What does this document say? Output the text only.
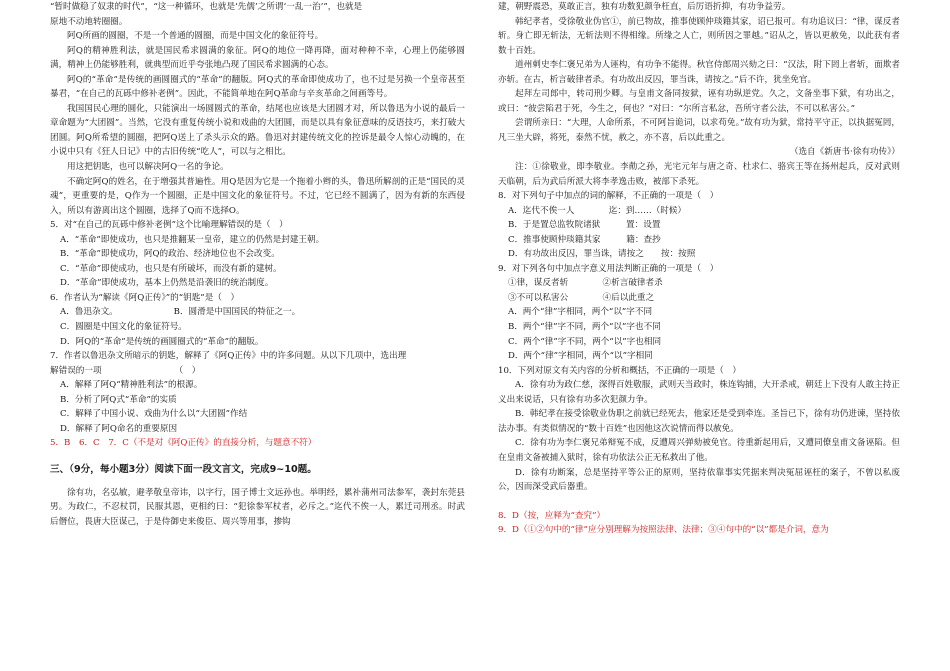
“暂时做稳了奴隶的时代”，“这一种循环，也就是‘先儒’之所谓‘一乱一治’”，也就是

原地不动地转圈圈。

阿Q所画的圆圈，不是一个普通的圆圈，而是中国文化的象征符号。

阿Q的精神胜利法，就是国民希求圆满的象征。阿Q的地位一降再降，面对种种不幸，心理上仍能够圆满，精神上仍能够胜利，就典型而近乎夸张地凸现了国民希求圆满的心态。

阿Q的“革命”是传统的画圆圈式的“革命”的翻版。阿Q式的革命即使成功了，也不过是另换一个皇帝甚至暴君，“在自己的瓦砾中修补老例”。因此，不能简单地在阿Q革命与辛亥革命之间画等号。

我国国民心理的圆化，只能演出一场圆圆式的革命，结尾也应该是大团圆才对，所以鲁迅为小说的最后一章命题为“大团圆”。当然，它没有重复传统小说和戏曲的大团圆，而是以具有象征意味的反语技巧，来打破大团圆。阿Q所希望的圆圈，把阿Q送上了杀头示众的路。鲁迅对封建传统文化的控诉是最令人惊心动魄的，在小说中只有《狂人日记》中的古旧传统“吃人”，可以与之相比。

用这把钥匙，也可以解决阿Q一名的争论。

不确定阿Q的姓名，在于增强其普遍性。用Q是因为它是一个拖着小辫的头，鲁迅所解剖的正是“国民的灵魂”，更重要的是，Q作为一个圆圈，正是中国文化的象征符号。不过，它已经不圆满了，因为有新的东西侵入，所以有游离出这个圆圈，选择了Q而不选择O。

5．对“在自己的瓦砾中修补老例”这个比喻理解错误的是（　）

A．“革命”即使成功，也只是推翻某一皇帝，建立的仍然是封建王朝。

B．“革命”即使成功，阿Q的政治、经济地位也不会改变。

C．“革命”即使成功，也只是有所破坏，而没有新的建树。

D．“革命”即使成功，基本上仍然是沿袭旧的统治制度。

6．作者认为“解读《阿Q正传》”的“钥匙”是（　）

A．鲁迅杂文。　　　　　　　B．圆滑是中国国民的特征之一。

C．圆圈是中国文化的象征符号。

D．阿Q的“革命”是传统的画圆圈式的“革命”的翻版。

7．作者以鲁迅杂文所暗示的钥匙，解释了《阿Q正传》中的许多问题。从以下几项中，选出理

解错误的一项　　　　　　　　　（　）

A．解释了阿Q“精神胜利法”的根源。

B．分析了阿Q式“革命”的实质

C．解释了中国小说、戏曲为什么以“大团圆”作结

D．解释了阿Q命名的重要原因

5．B　6．C　7．C（不是对《阿Q正传》的直接分析，与题意不符）

三、（9分，每小题3分）阅读下面一段文言文，完成9~10题。

徐有功，名弘敏，避孝敬皇帝讳，以字行，国子博士文远孙也。举明经，累补蒲州司法参军，袭封东莞县男。为政仁，不忍杖罚，民服其恩，更相约曰：“犯徐参军杖者，必斥之。”迄代不俟一人，累迁司刑丞。时武后僭位，畏唐大臣谋己，于是侍御史来俊臣、周兴等用事，掺钩

建，朝野震恐，莫敢正言，独有功数犯颜争枉直，后厉语折抑，有功争益劳。

韩纪孝者，受徐敬业伪官①，前已物故，推事使顾仲琰籍其家，诏已报可。有功追议曰：“律，谋反者斩。身亡即无斩法，无斩法则不得相缘。所缘之人亡，则所因之罪越。”诏从之，皆以更赦免，以此获有者数十百姓。

道州刺史李仁褒兄弟为人诬构，有功争不能得。秋官侍郎周兴劾之曰：“汉法，附下罔上者斩，面欺者亦斩。在古，析言破律者杀。有功故出反囚，罪当诛，请按之。”后不许，犹坐免官。

起拜左司郎中，转司刑少卿。与皇甫文备同按狱，诬有功纵逆党。久之，文备坐事下狱，有功出之，或曰：“彼尝陷君于死，今生之，何也？”对曰：“尔所言私忿，吾所守者公法，不可以私害公。”

尝谓所亲曰：“大理，人命所系，不可阿旨诡词，以求苟免。”故有功为狱，常持平守正，以执据冤罔，凡三坐大辟，将死，泰然不忧，赦之，亦不喜，后以此重之。

（选自《新唐书·徐有功传》）

注：①徐敬业，即李敬业。李勣之孙，光宅元年与唐之奇、杜求仁、骆宾王等在扬州起兵，反对武则天临朝，后为武后所派大将李孝逸击败，被部下杀死。

8．对下列句子中加点的词的解释，不正确的一项是（　）

A．迄代不俟一人　　　　迄：到……（时候）

B．于是置总监牧院诸狱　　　置：设置

C．推事使顾仲琰籍其家　　　籍：查抄

D．有功故出反囚，罪当诛，请按之　　按：按照

9．对下列各句中加点字意义用法判断正确的一项是（　）

①律，谋反者斩　　　　②析言破律者杀

③不可以私害公　　　　④后以此重之

A．两个“律”字相同，两个“以”字不同

B．两个“律”字不同，两个“以”字也不同

C．两个“律”字不同，两个“以”字也相同

D．两个“律”字相同，两个“以”字相同

10．下列对原文有关内容的分析和概括，不正确的一项是（　）

A．徐有功为政仁慈，深得百姓敬服，武则天当政时，株连钩捕，大开杀戒，朝廷上下没有人敢主持正义出来说话，只有徐有功多次犯颜力争。

B．韩纪孝在接受徐敬业伪职之前就已经死去，他家还是受到牵连。圣旨已下，徐有功仍进谏，坚持依法办事。有类似情况的“数十百姓”也因他这次说情而得以赦免。

C．徐有功为李仁褒兄弟辩冤不成，反遭周兴弹劾被免官。待重新起用后，又遭同僚皇甫文备诬陷。但在皇甫文备被捕入狱时，徐有功依法公正无私救出了他。

D．徐有功断案，总是坚持平等公正的原则，坚持依靠事实凭据来判决冤屈诬枉的案子，不曾以私废公，因而深受武后器重。

8．D（按，应释为“查究”）

9．D（①②句中的“律”应分别理解为按照法律、法律；③④句中的“以”都是介词，意为
